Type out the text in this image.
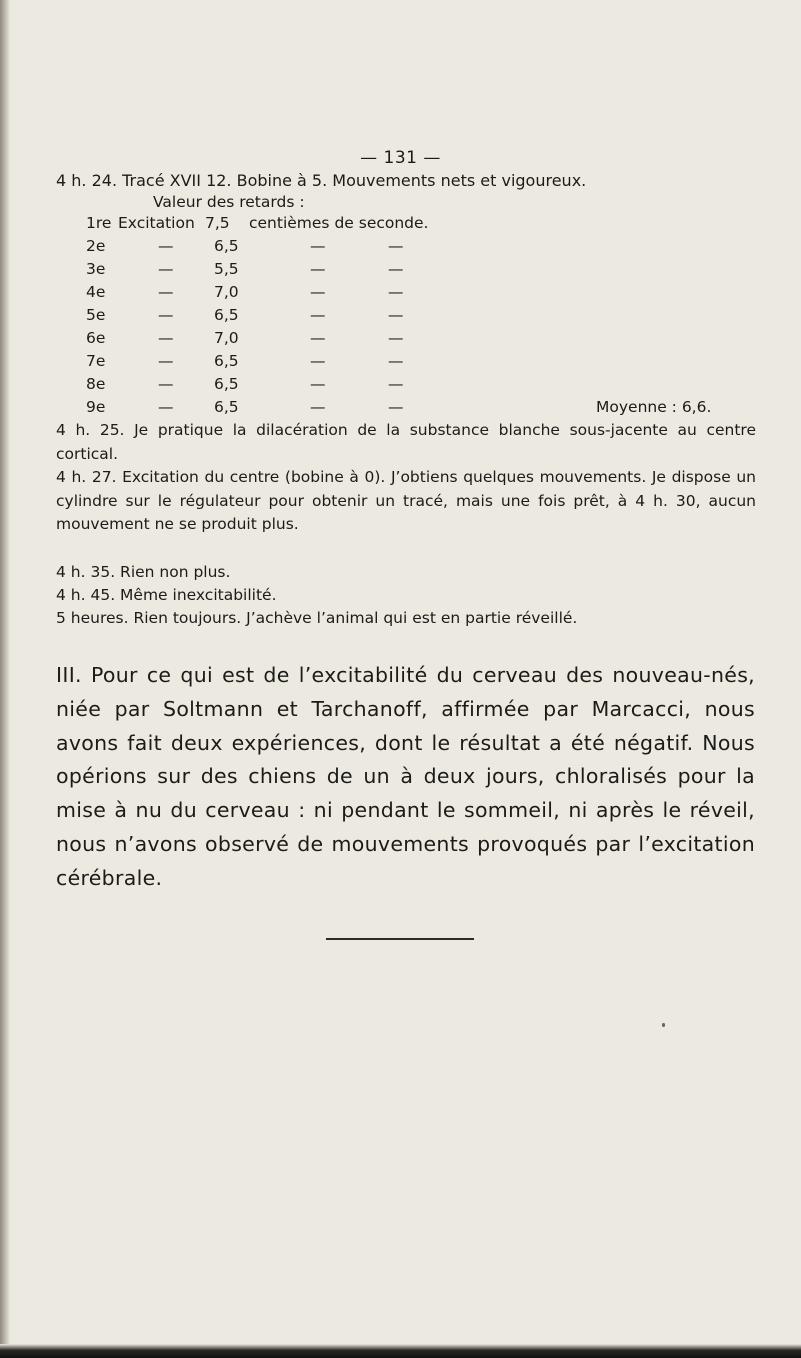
— 131 —
4 h. 24. Tracé XVII 12. Bobine à 5. Mouvements nets et vigoureux.
Valeur des retards :
1re Excitation 7,5 centièmes de seconde.
2e	—	6,5	—	—
3e	—	5,5	—	—
4e	—	7,0	—	—
5e	—	6,5	—	—
6e	—	7,0	—	—
7e	—	6,5	—	—
8e	—	6,5	—	—
9e	—	6,5	—	—	Moyenne : 6,6.
4 h. 25. Je pratique la dilacération de la substance blanche sous-jacente au centre cortical.
4 h. 27. Excitation du centre (bobine à 0). J’obtiens quelques mouvements. Je dispose un cylindre sur le régulateur pour obtenir un tracé, mais une fois prêt, à 4 h. 30, aucun mouvement ne se produit plus.
4 h. 35. Rien non plus.
4 h. 45. Même inexcitabilité.
5 heures. Rien toujours. J’achève l’animal qui est en partie réveillé.
III. Pour ce qui est de l’excitabilité du cerveau des nouveau-nés, niée par Soltmann et Tarchanoff, affirmée par Marcacci, nous avons fait deux expériences, dont le résultat a été négatif. Nous opérions sur des chiens de un à deux jours, chloralisés pour la mise à nu du cerveau : ni pendant le sommeil, ni après le réveil, nous n’avons observé de mouvements provoqués par l’excitation cérébrale.
